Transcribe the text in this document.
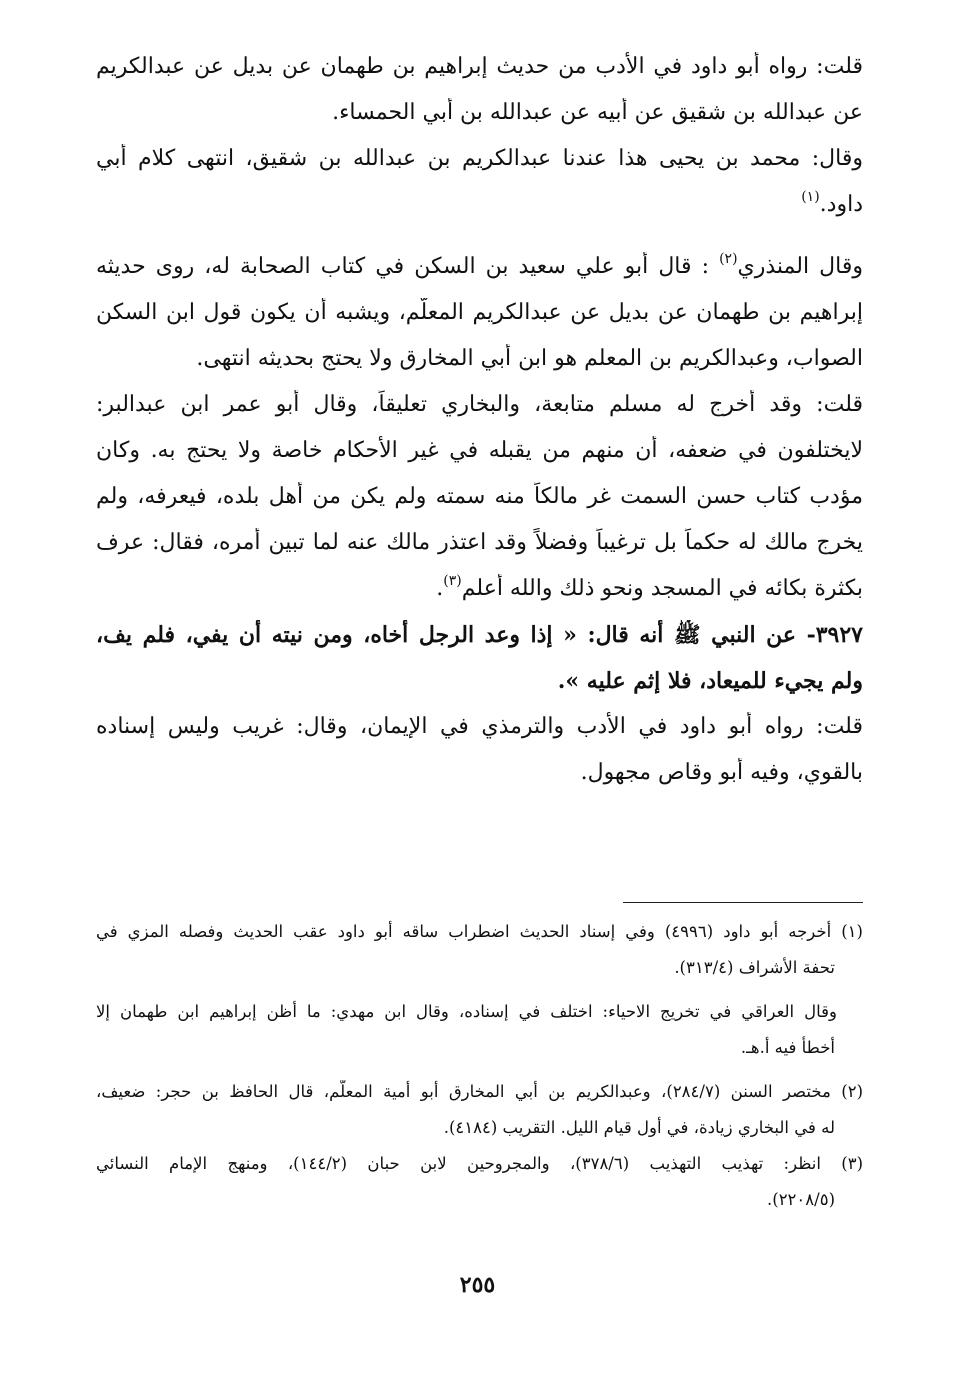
قلت: رواه أبو داود في الأدب من حديث إبراهيم بن طهمان عن بديل عن عبدالكريم
عن عبدالله بن شقيق عن أبيه عن عبدالله بن أبي الحمساء.
وقال: محمد بن يحيى هذا عندنا عبدالكريم بن عبدالله بن شقيق، انتهى كلام أبي
داود.$^{(١)}$
وقال المنذري$^{(٢)}$ : قال أبو علي سعيد بن السكن في كتاب الصحابة له، روى حديثه
إبراهيم بن طهمان عن بديل عن عبدالكريم المعلّم، ويشبه أن يكون قول ابن السكن
الصواب، وعبدالكريم بن المعلم هو ابن أبي المخارق ولا يحتج بحديثه انتهى.
قلت: وقد أخرج له مسلم متابعة، والبخاري تعليقاً، وقال أبو عمر ابن عبدالبر:
لايختلفون في ضعفه، أن منهم من يقبله في غير الأحكام خاصة ولا يحتج به. وكان
مؤدب كتاب حسن السمت غر مالكاً منه سمته ولم يكن من أهل بلده، فيعرفه، ولم
يخرج مالك له حكماً بل ترغيباً وفضلاً وقد اعتذر مالك عنه لما تبين أمره، فقال: عرف
بكثرة بكائه في المسجد ونحو ذلك والله أعلم$^{(٣)}$.
٣٩٢٧- عن النبي ﷺ أنه قال: « إذا وعد الرجل أخاه، ومن نيته أن يفي، فلم يف،
ولم يجيء للميعاد، فلا إثم عليه ».
قلت: رواه أبو داود في الأدب والترمذي في الإيمان، وقال: غريب وليس إسناده
بالقوي، وفيه أبو وقاص مجهول.
(١) أخرجه أبو داود (٤٩٩٦) وفي إسناد الحديث اضطراب ساقه أبو داود عقب الحديث وفصله المزي في
تحفة الأشراف (٣١٣/٤).
وقال العراقي في تخريج الاحياء: اختلف في إسناده، وقال ابن مهدي: ما أظن إبراهيم ابن طهمان إلا
أخطأ فيه أ.هـ.
(٢) مختصر السنن (٢٨٤/٧)، وعبدالكريم بن أبي المخارق أبو أمية المعلّم، قال الحافظ بن حجر: ضعيف،
له في البخاري زيادة، في أول قيام الليل. التقريب (٤١٨٤).
(٣) انظر: تهذيب التهذيب (٣٧٨/٦)، والمجروحين لابن حبان (١٤٤/٢)، ومنهج الإمام النسائي
(٢٢٠٨/٥).
٢٥٥
